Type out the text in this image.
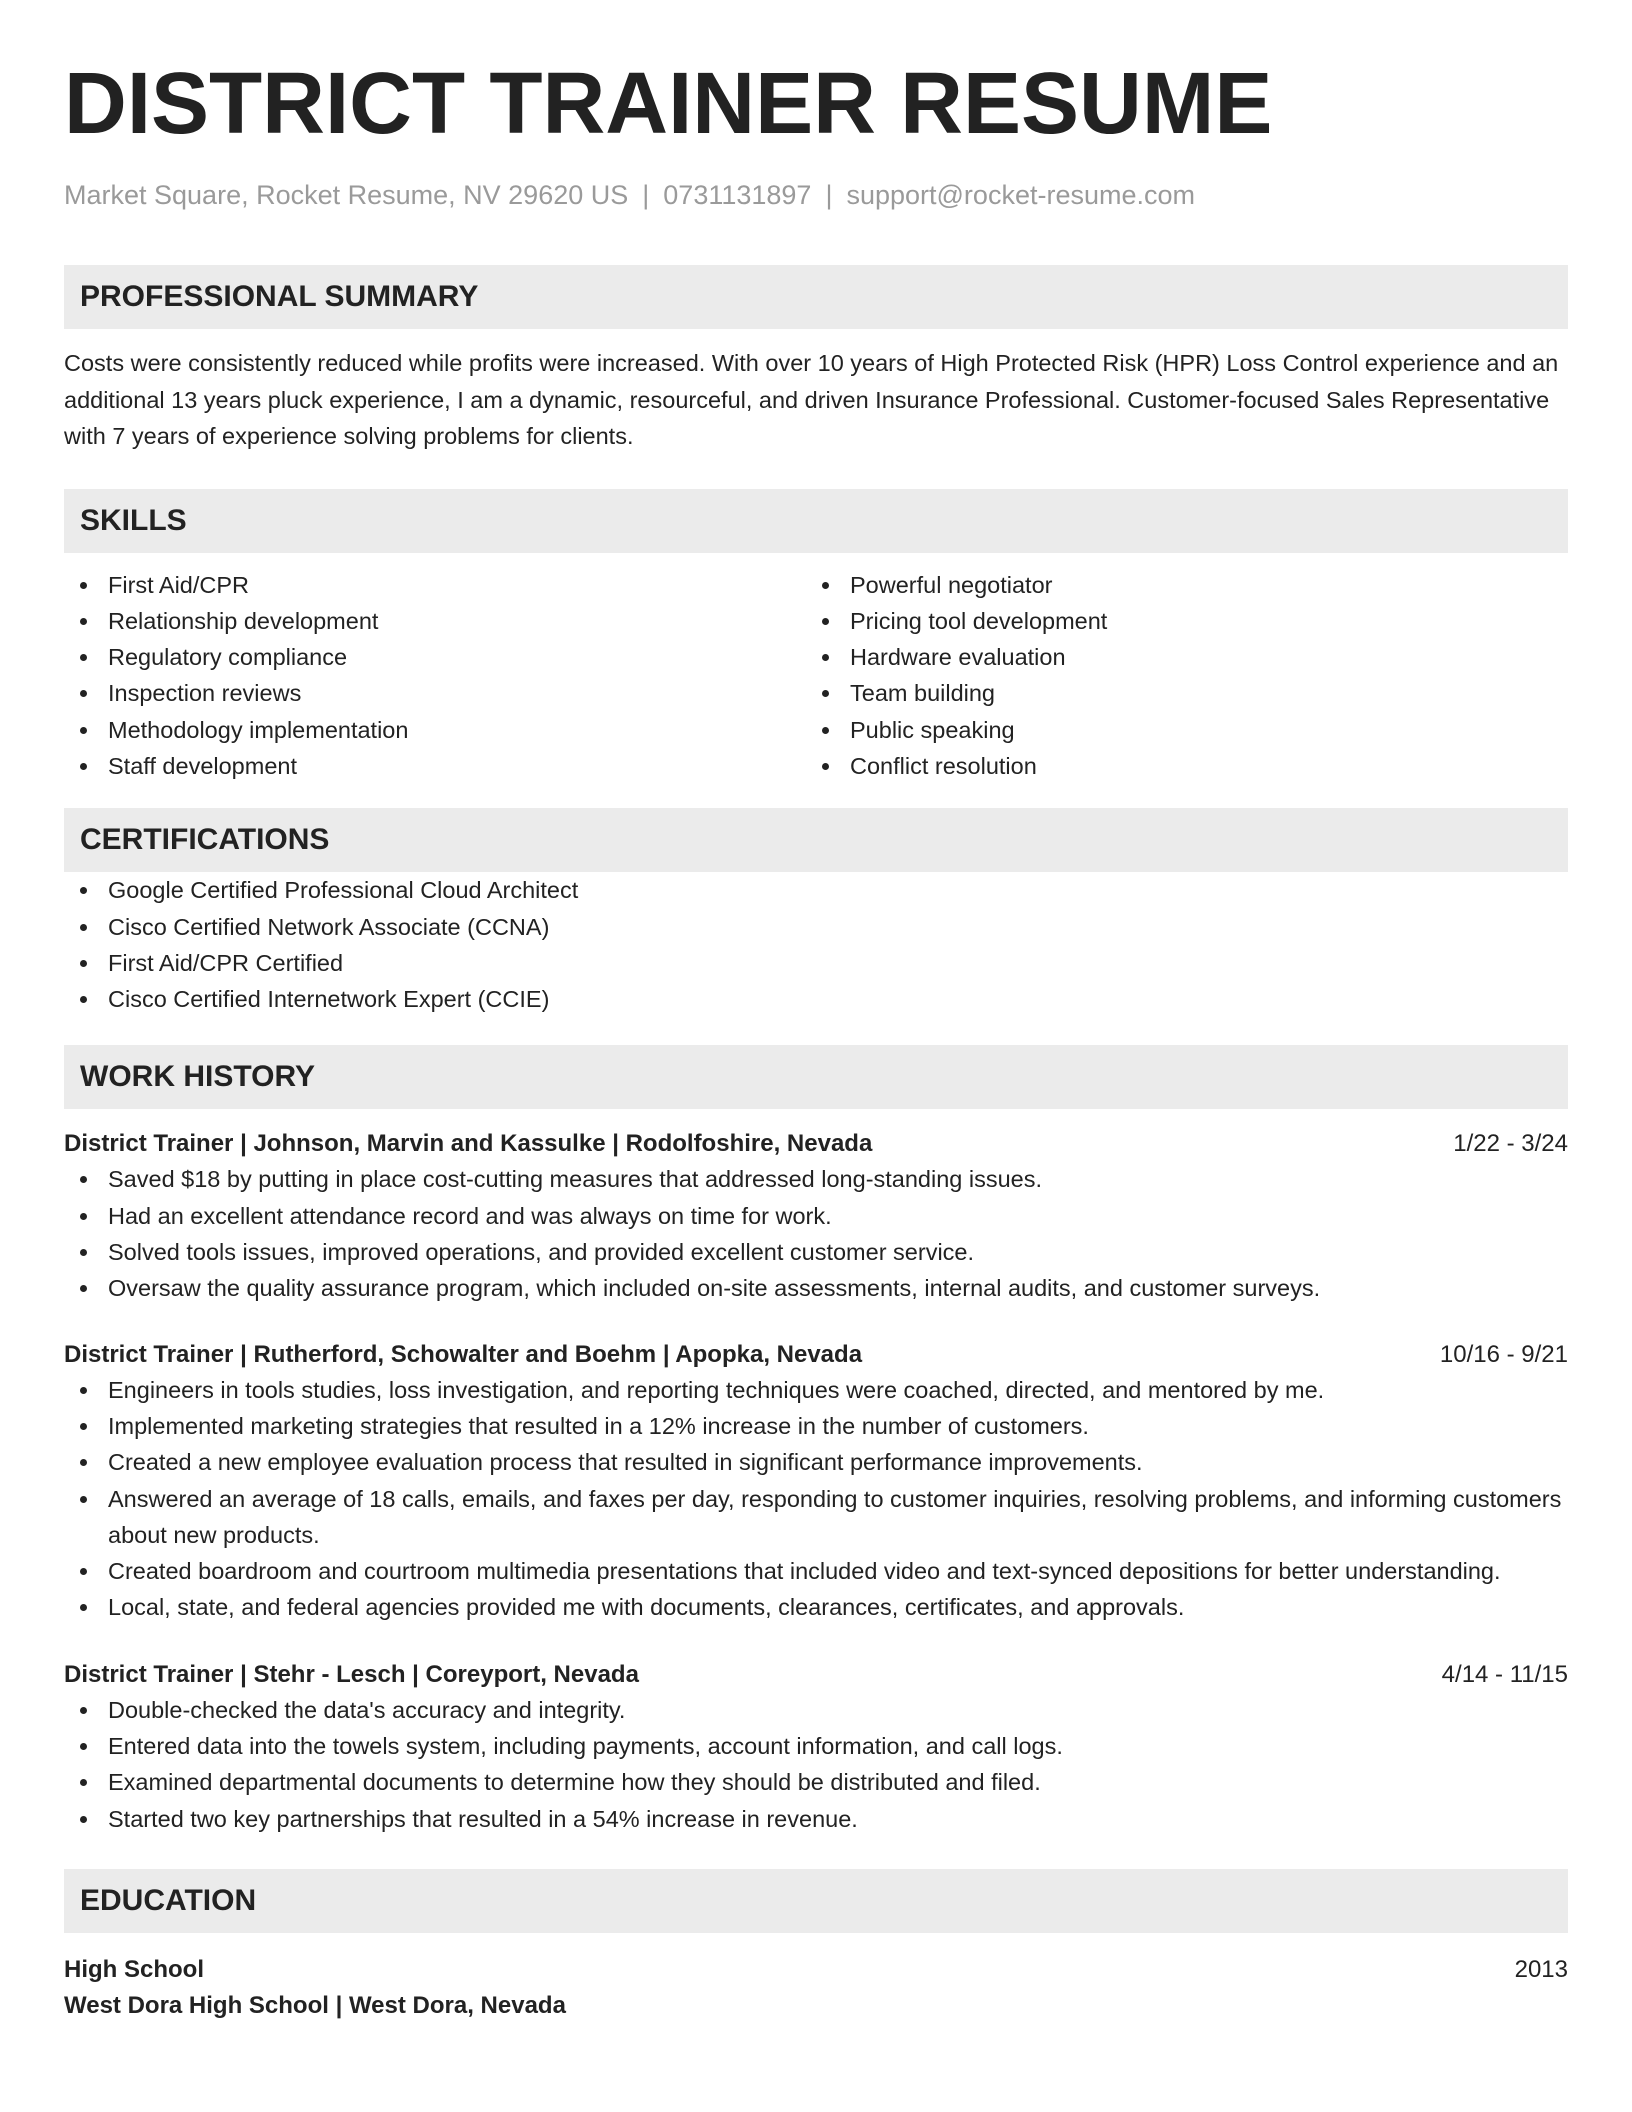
DISTRICT TRAINER RESUME
Market Square, Rocket Resume, NV 29620 US | 0731131897 | support@rocket-resume.com
PROFESSIONAL SUMMARY
Costs were consistently reduced while profits were increased. With over 10 years of High Protected Risk (HPR) Loss Control experience and an additional 13 years pluck experience, I am a dynamic, resourceful, and driven Insurance Professional. Customer-focused Sales Representative with 7 years of experience solving problems for clients.
SKILLS
First Aid/CPR
Relationship development
Regulatory compliance
Inspection reviews
Methodology implementation
Staff development
Powerful negotiator
Pricing tool development
Hardware evaluation
Team building
Public speaking
Conflict resolution
CERTIFICATIONS
Google Certified Professional Cloud Architect
Cisco Certified Network Associate (CCNA)
First Aid/CPR Certified
Cisco Certified Internetwork Expert (CCIE)
WORK HISTORY
District Trainer | Johnson, Marvin and Kassulke | Rodolfoshire, Nevada	1/22 - 3/24
Saved $18 by putting in place cost-cutting measures that addressed long-standing issues.
Had an excellent attendance record and was always on time for work.
Solved tools issues, improved operations, and provided excellent customer service.
Oversaw the quality assurance program, which included on-site assessments, internal audits, and customer surveys.
District Trainer | Rutherford, Schowalter and Boehm | Apopka, Nevada	10/16 - 9/21
Engineers in tools studies, loss investigation, and reporting techniques were coached, directed, and mentored by me.
Implemented marketing strategies that resulted in a 12% increase in the number of customers.
Created a new employee evaluation process that resulted in significant performance improvements.
Answered an average of 18 calls, emails, and faxes per day, responding to customer inquiries, resolving problems, and informing customers about new products.
Created boardroom and courtroom multimedia presentations that included video and text-synced depositions for better understanding.
Local, state, and federal agencies provided me with documents, clearances, certificates, and approvals.
District Trainer | Stehr - Lesch | Coreyport, Nevada	4/14 - 11/15
Double-checked the data's accuracy and integrity.
Entered data into the towels system, including payments, account information, and call logs.
Examined departmental documents to determine how they should be distributed and filed.
Started two key partnerships that resulted in a 54% increase in revenue.
EDUCATION
High School	2013
West Dora High School | West Dora, Nevada
